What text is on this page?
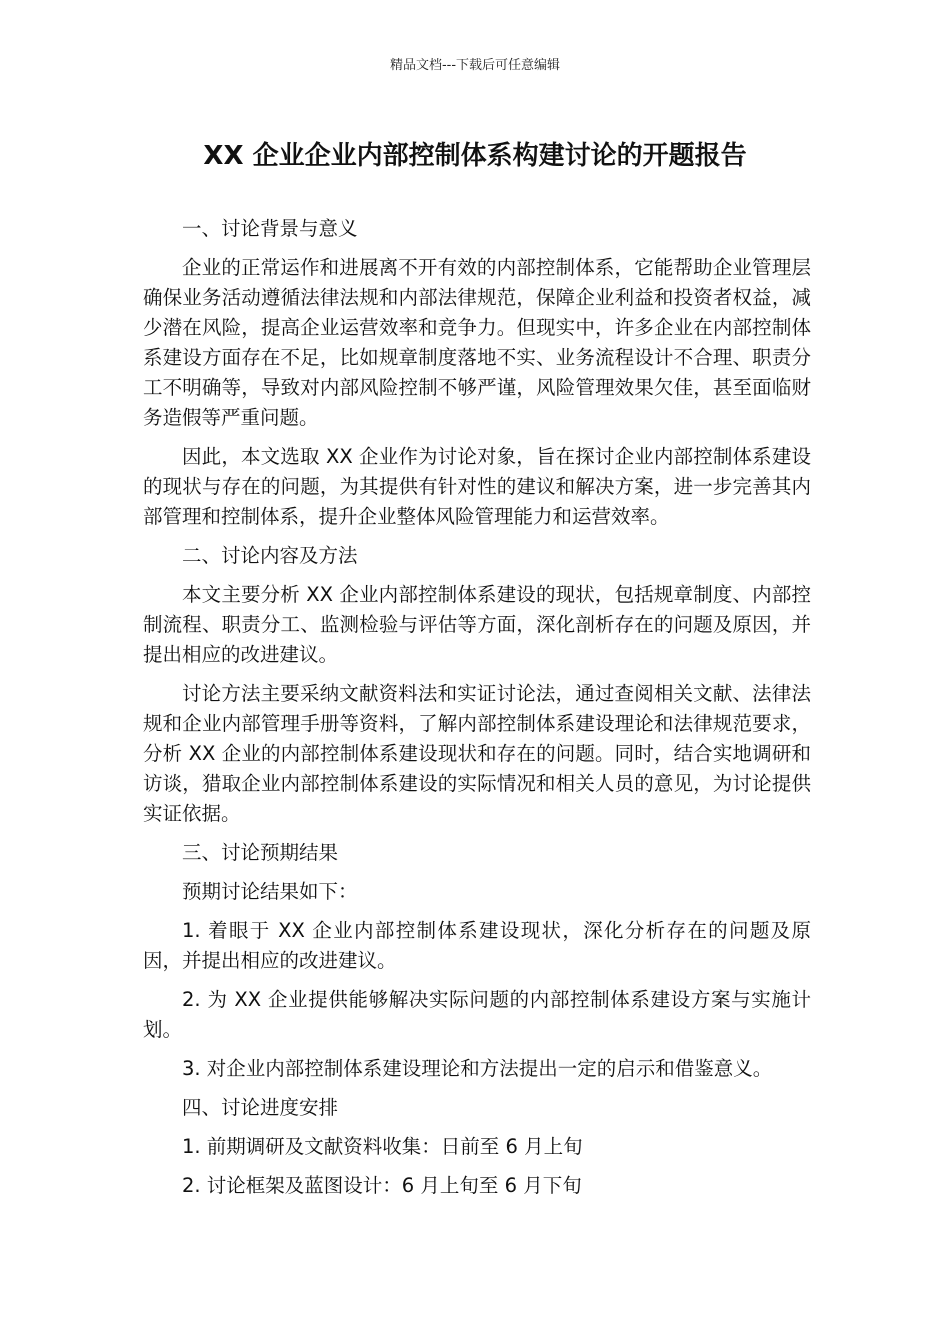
精品文档---下载后可任意编辑
XX 企业企业内部控制体系构建讨论的开题报告

一、讨论背景与意义

企业的正常运作和进展离不开有效的内部控制体系，它能帮助企业管理层确保业务活动遵循法律法规和内部法律规范，保障企业利益和投资者权益，减少潜在风险，提高企业运营效率和竞争力。但现实中，许多企业在内部控制体系建设方面存在不足，比如规章制度落地不实、业务流程设计不合理、职责分工不明确等，导致对内部风险控制不够严谨，风险管理效果欠佳，甚至面临财务造假等严重问题。

因此，本文选取 XX 企业作为讨论对象，旨在探讨企业内部控制体系建设的现状与存在的问题，为其提供有针对性的建议和解决方案，进一步完善其内部管理和控制体系，提升企业整体风险管理能力和运营效率。

二、讨论内容及方法

本文主要分析 XX 企业内部控制体系建设的现状，包括规章制度、内部控制流程、职责分工、监测检验与评估等方面，深化剖析存在的问题及原因，并提出相应的改进建议。

讨论方法主要采纳文献资料法和实证讨论法，通过查阅相关文献、法律法规和企业内部管理手册等资料，了解内部控制体系建设理论和法律规范要求，分析 XX 企业的内部控制体系建设现状和存在的问题。同时，结合实地调研和访谈，猎取企业内部控制体系建设的实际情况和相关人员的意见，为讨论提供实证依据。

三、讨论预期结果

预期讨论结果如下：

1. 着眼于 XX 企业内部控制体系建设现状，深化分析存在的问题及原因，并提出相应的改进建议。

2. 为 XX 企业提供能够解决实际问题的内部控制体系建设方案与实施计划。

3. 对企业内部控制体系建设理论和方法提出一定的启示和借鉴意义。

四、讨论进度安排

1. 前期调研及文献资料收集：日前至 6 月上旬

2. 讨论框架及蓝图设计：6 月上旬至 6 月下旬
